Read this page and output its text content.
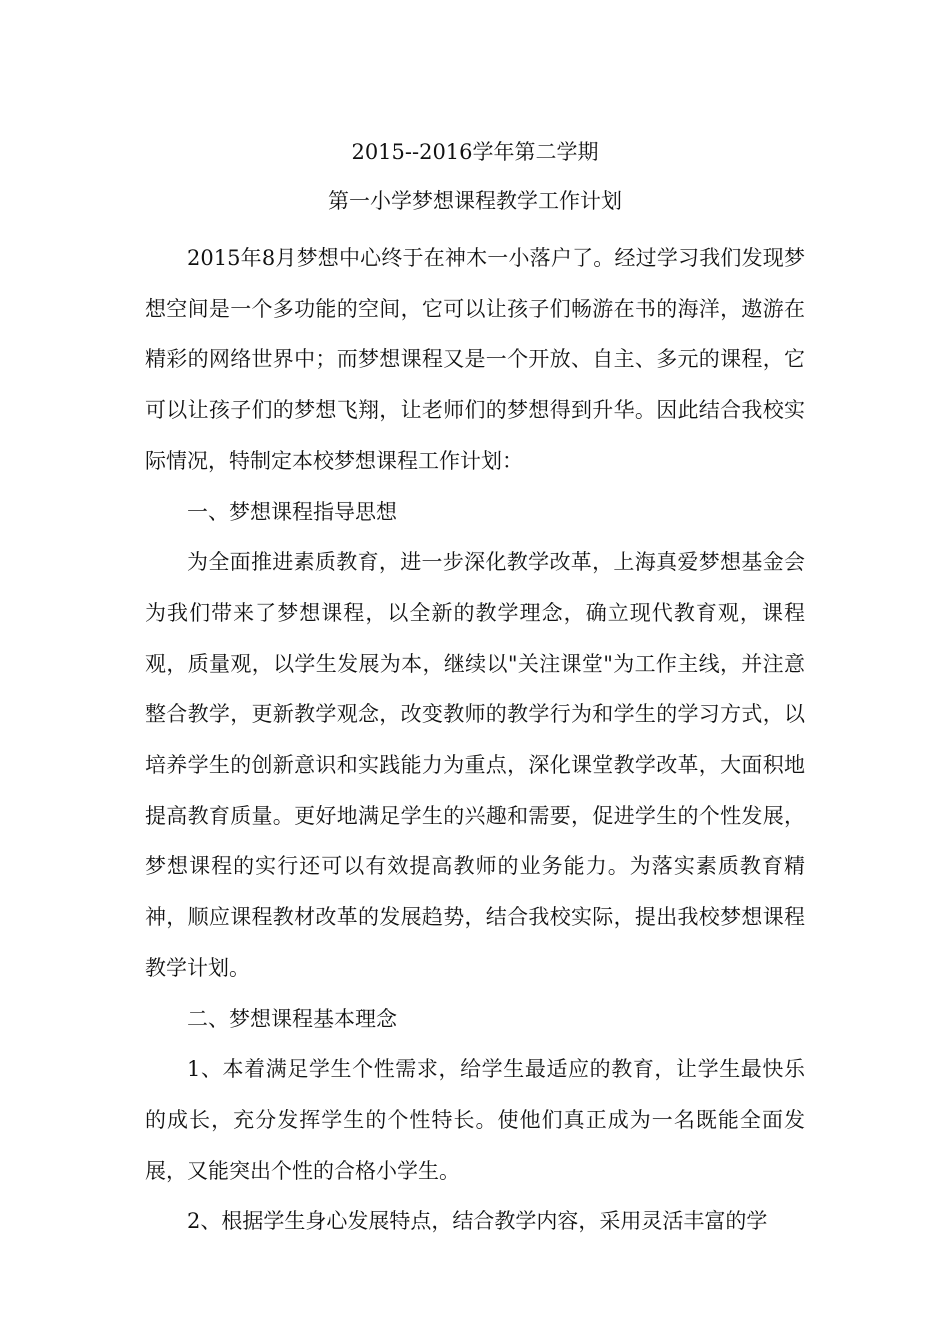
2015--2016学年第二学期
第一小学梦想课程教学工作计划

2015年8月梦想中心终于在神木一小落户了。经过学习我们发现梦想空间是一个多功能的空间，它可以让孩子们畅游在书的海洋，遨游在精彩的网络世界中；而梦想课程又是一个开放、自主、多元的课程，它可以让孩子们的梦想飞翔，让老师们的梦想得到升华。因此结合我校实际情况，特制定本校梦想课程工作计划：

一、梦想课程指导思想

为全面推进素质教育，进一步深化教学改革，上海真爱梦想基金会为我们带来了梦想课程，以全新的教学理念，确立现代教育观，课程观，质量观，以学生发展为本，继续以"关注课堂"为工作主线，并注意整合教学，更新教学观念，改变教师的教学行为和学生的学习方式，以培养学生的创新意识和实践能力为重点，深化课堂教学改革，大面积地提高教育质量。更好地满足学生的兴趣和需要，促进学生的个性发展，梦想课程的实行还可以有效提高教师的业务能力。为落实素质教育精神，顺应课程教材改革的发展趋势，结合我校实际，提出我校梦想课程教学计划。

二、梦想课程基本理念

1、本着满足学生个性需求，给学生最适应的教育，让学生最快乐的成长，充分发挥学生的个性特长。使他们真正成为一名既能全面发展，又能突出个性的合格小学生。

2、根据学生身心发展特点，结合教学内容，采用灵活丰富的学
